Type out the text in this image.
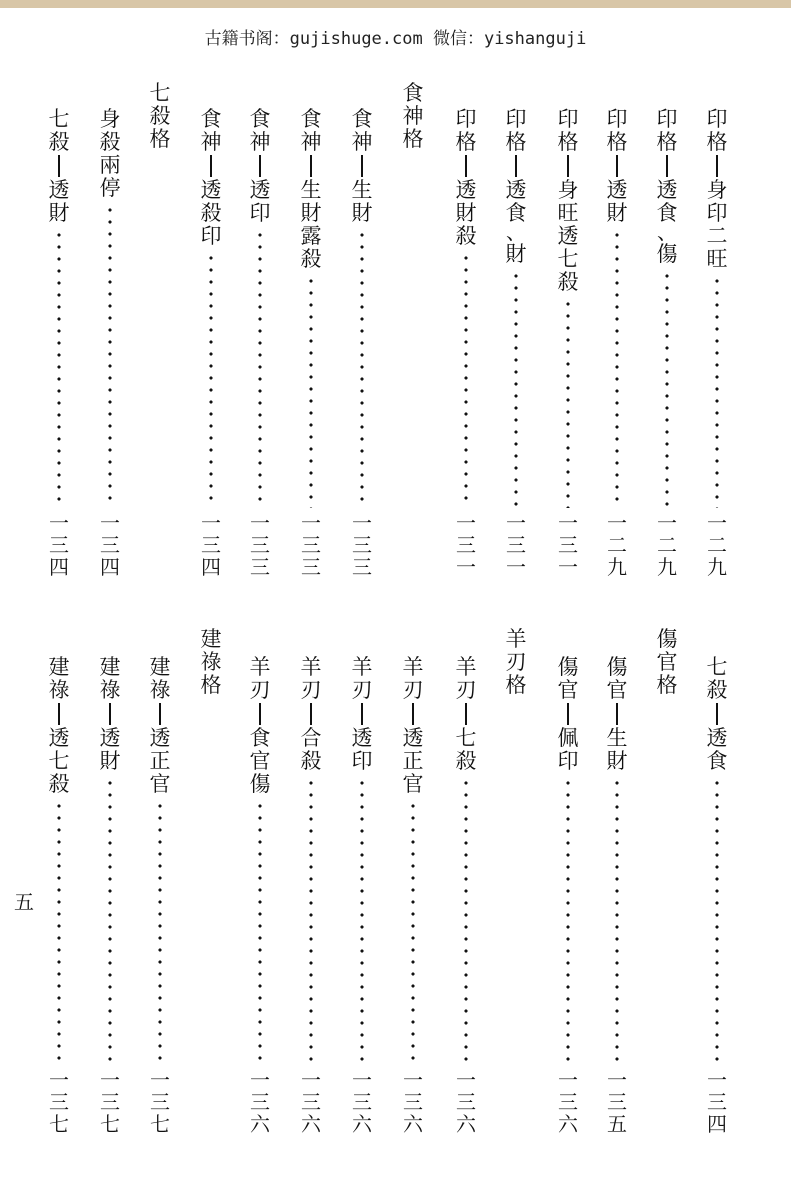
古籍书阁：gujishuge.com 微信：yishanguji
印
格
身
印
二
旺
一
二
九
印
格
透
食
、
傷
一
二
九
印
格
透
財
一
二
九
印
格
身
旺
透
七
殺
一
三
一
印
格
透
食
、
財
一
三
一
印
格
透
財
殺
一
三
一
食
神
格
食
神
生
財
一
三
三
食
神
生
財
露
殺
一
三
三
食
神
透
印
一
三
三
食
神
透
殺
印
一
三
四
七
殺
格
身
殺
兩
停
一
三
四
七
殺
透
財
一
三
四
七
殺
透
食
一
三
四
傷
官
格
傷
官
生
財
一
三
五
傷
官
佩
印
一
三
六
羊
刃
格
羊
刃
七
殺
一
三
六
羊
刃
透
正
官
一
三
六
羊
刃
透
印
一
三
六
羊
刃
合
殺
一
三
六
羊
刃
食
官
傷
一
三
六
建
祿
格
建
祿
透
正
官
一
三
七
建
祿
透
財
一
三
七
建
祿
透
七
殺
一
三
七
五
